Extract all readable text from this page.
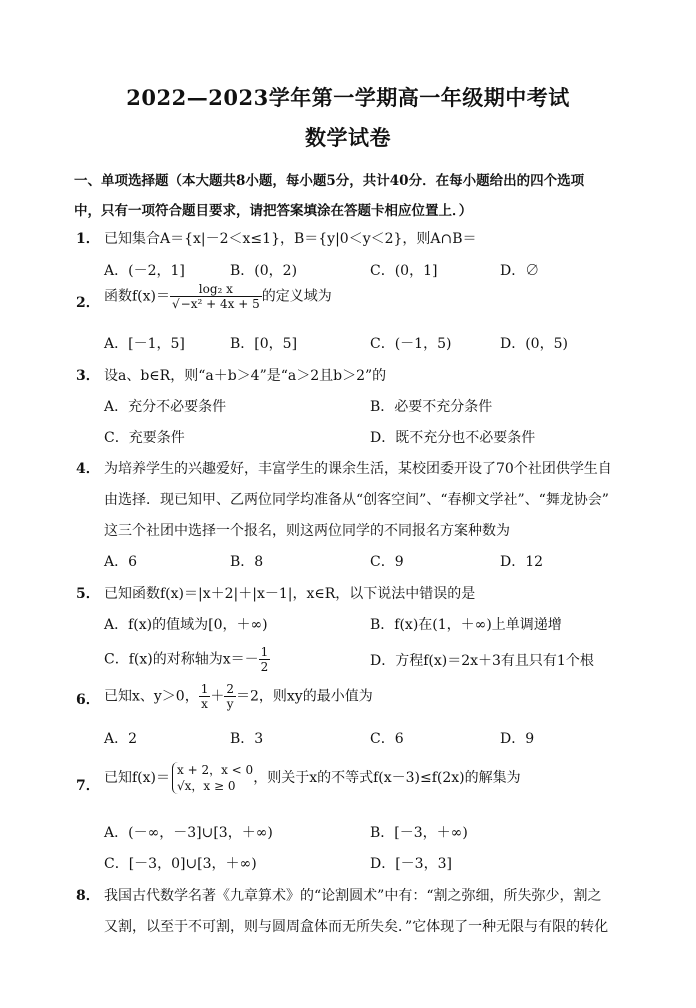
2022—2023学年第一学期高一年级期中考试
数学试卷
一、单项选择题（本大题共8小题，每小题5分，共计40分．在每小题给出的四个选项
中，只有一项符合题目要求，请把答案填涂在答题卡相应位置上．）
1． 已知集合A＝{x|－2＜x≤1}，B＝{y|0＜y＜2}，则A∩B＝
A．(－2，1]	B．(0，2)	C．(0，1]	D．∅
2． 函数$f(x)= \frac{\text{log₂ x}}{\text{√−x² + 4x + 5}}$ 的定义域为
A．[－1，5]	B．[0，5]	C．(－1，5)	D．(0，5)
3． 设a、b∈R，则“a＋b＞4”是“a＞2且b＞2”的
A．充分不必要条件	B．必要不充分条件
C．充要条件	D．既不充分也不必要条件
4． 为培养学生的兴趣爱好，丰富学生的课余生活，某校团委开设了70个社团供学生自
由选择．现已知甲、乙两位同学均准备从“创客空间”、“春柳文学社”、“舞龙协会”
这三个社团中选择一个报名，则这两位同学的不同报名方案种数为
A．6	B．8	C．9	D．12
5． 已知函数f(x)＝|x＋2|＋|x－1|，x∈R，以下说法中错误的是
A．f(x)的值域为[0，＋∞)	B．f(x)在(1，＋∞)上单调递增
C．f(x)的对称轴为$x=- \frac{1}{2}$	D．方程f(x)＝2x＋3有且只有1个根
6． 已知x、y＞0， $\frac{1}{x} + \frac{2}{y} =2$，则xy的最小值为
A．2	B．3	C．6	D．9
7． 已知f(x)＝ x + 2，x < 0
√x，x ≥ 0	，则关于x的不等式f(x－3)≤f(2x)的解集为
A．(－∞，－3]∪[3，＋∞)	B．[－3，＋∞)
C．[－3，0]∪[3，＋∞)	D．[－3，3]
8． 我国古代数学名著《九章算术》的“论割圆术”中有：“割之弥细，所失弥少，割之
又割，以至于不可割，则与圆周盒体而无所失矣．”它体现了一种无限与有限的转化
